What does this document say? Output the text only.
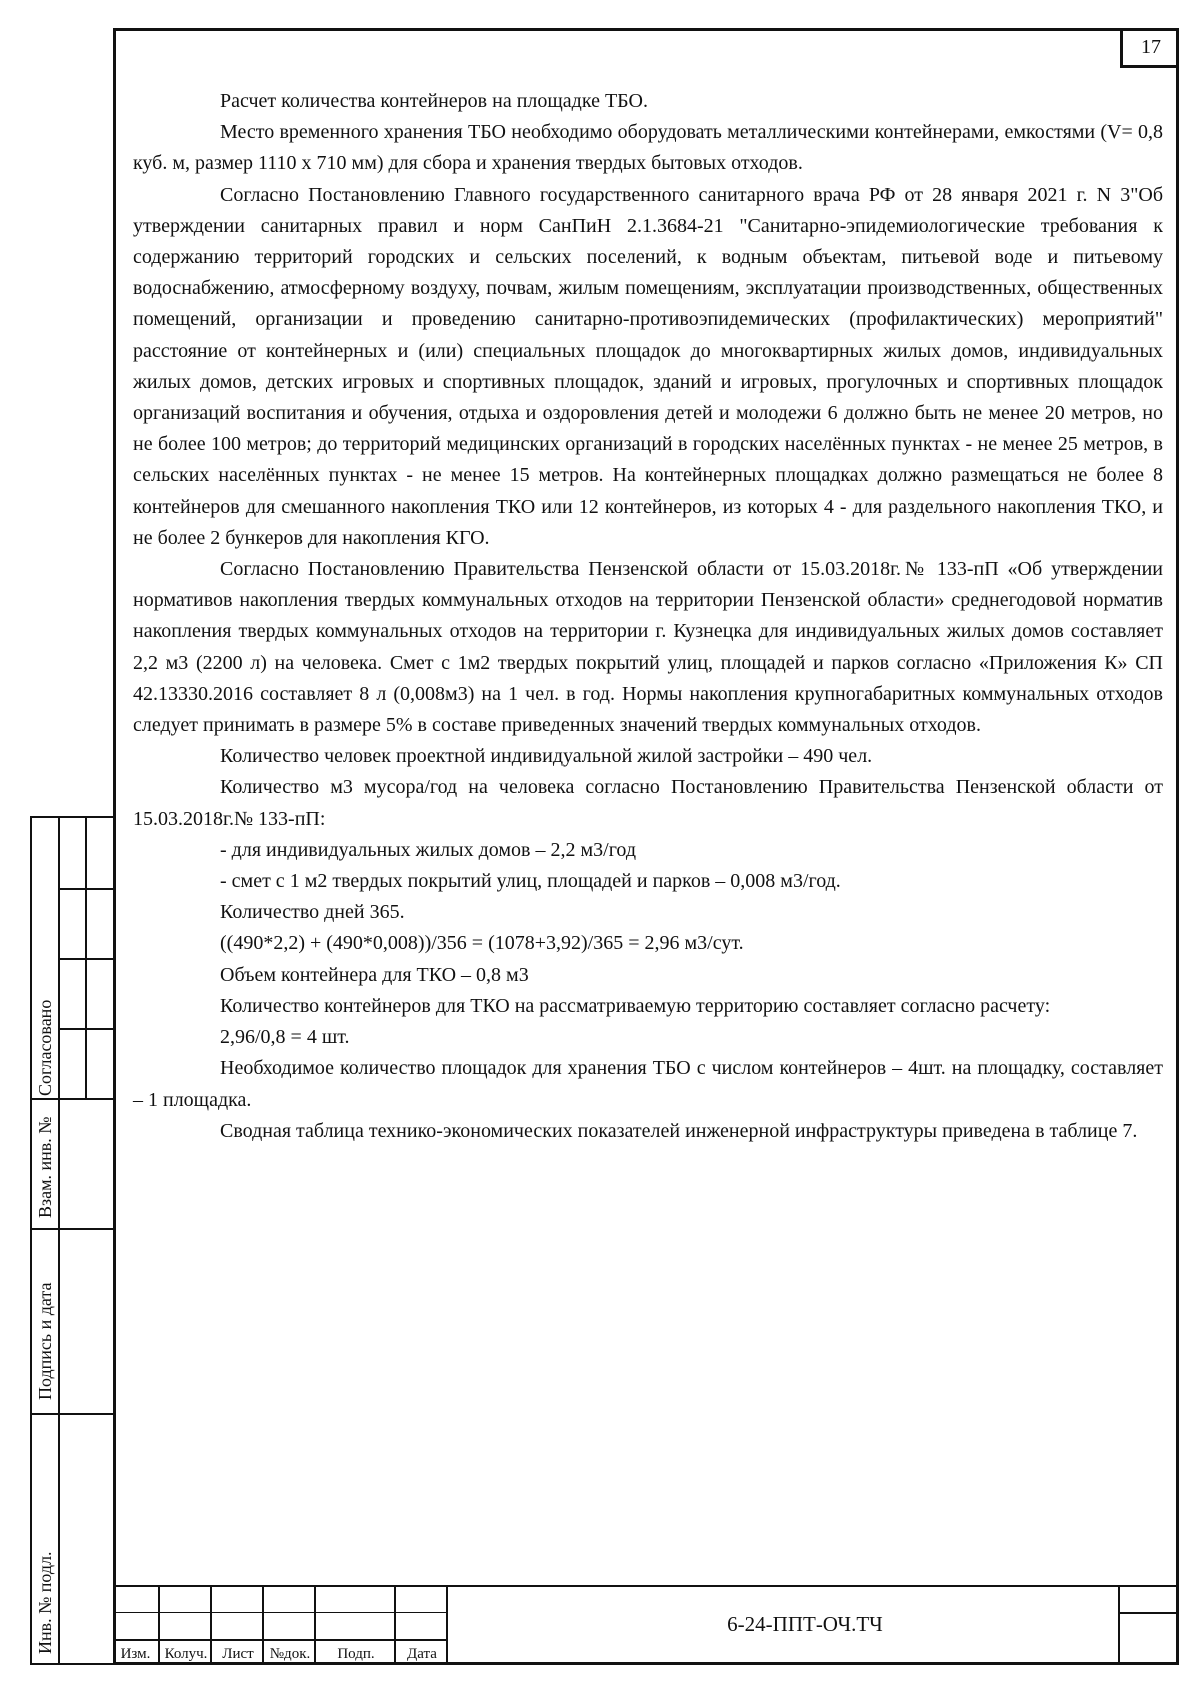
17

Расчет количества контейнеров на площадке ТБО.

Место временного хранения ТБО необходимо оборудовать металлическими контейнерами, емкостями (V= 0,8 куб. м, размер 1110 х 710 мм) для сбора и хранения твердых бытовых отходов.

Согласно Постановлению Главного государственного санитарного врача РФ от 28 января 2021 г. N 3"Об утверждении санитарных правил и норм СанПиН 2.1.3684-21 "Санитарно-эпидемиологические требования к содержанию территорий городских и сельских поселений, к водным объектам, питьевой воде и питьевому водоснабжению, атмосферному воздуху, почвам, жилым помещениям, эксплуатации производственных, общественных помещений, организации и проведению санитарно-противоэпидемических (профилактических) мероприятий" расстояние от контейнерных и (или) специальных площадок до многоквартирных жилых домов, индивидуальных жилых домов, детских игровых и спортивных площадок, зданий и игровых, прогулочных и спортивных площадок организаций воспитания и обучения, отдыха и оздоровления детей и молодежи 6 должно быть не менее 20 метров, но не более 100 метров; до территорий медицинских организаций в городских населённых пунктах - не менее 25 метров, в сельских населённых пунктах - не менее 15 метров. На контейнерных площадках должно размещаться не более 8 контейнеров для смешанного накопления ТКО или 12 контейнеров, из которых 4 - для раздельного накопления ТКО, и не более 2 бункеров для накопления КГО.

Согласно Постановлению Правительства Пензенской области от 15.03.2018г.№ 133-пП «Об утверждении нормативов накопления твердых коммунальных отходов на территории Пензенской области» среднегодовой норматив накопления твердых коммунальных отходов на территории г. Кузнецка для индивидуальных жилых домов составляет 2,2 м3 (2200 л) на человека. Смет с 1м2 твердых покрытий улиц, площадей и парков согласно «Приложения К» СП 42.13330.2016 составляет 8 л (0,008м3) на 1 чел. в год. Нормы накопления крупногабаритных коммунальных отходов следует принимать в размере 5% в составе приведенных значений твердых коммунальных отходов.

Количество человек проектной индивидуальной жилой застройки – 490 чел.

Количество м3 мусора/год на человека согласно Постановлению Правительства Пензенской области от 15.03.2018г.№ 133-пП:

- для индивидуальных жилых домов – 2,2 м3/год

- смет с 1 м2 твердых покрытий улиц, площадей и парков – 0,008 м3/год.

Количество дней 365.

((490*2,2) + (490*0,008))/356 = (1078+3,92)/365 = 2,96 м3/сут.

Объем контейнера для ТКО – 0,8 м3

Количество контейнеров для ТКО на рассматриваемую территорию составляет согласно расчету:

2,96/0,8 = 4 шт.

Необходимое количество площадок для хранения ТБО с числом контейнеров – 4шт. на площадку, составляет – 1 площадка.

Сводная таблица технико-экономических показателей инженерной инфраструктуры приведена в таблице 7.

Согласовано
Взам. инв. №
Подпись и дата
Инв. № подл.	Изм. Колуч. Лист	№док.	Подп.	Дата
6-24-ППТ-ОЧ.ТЧ
